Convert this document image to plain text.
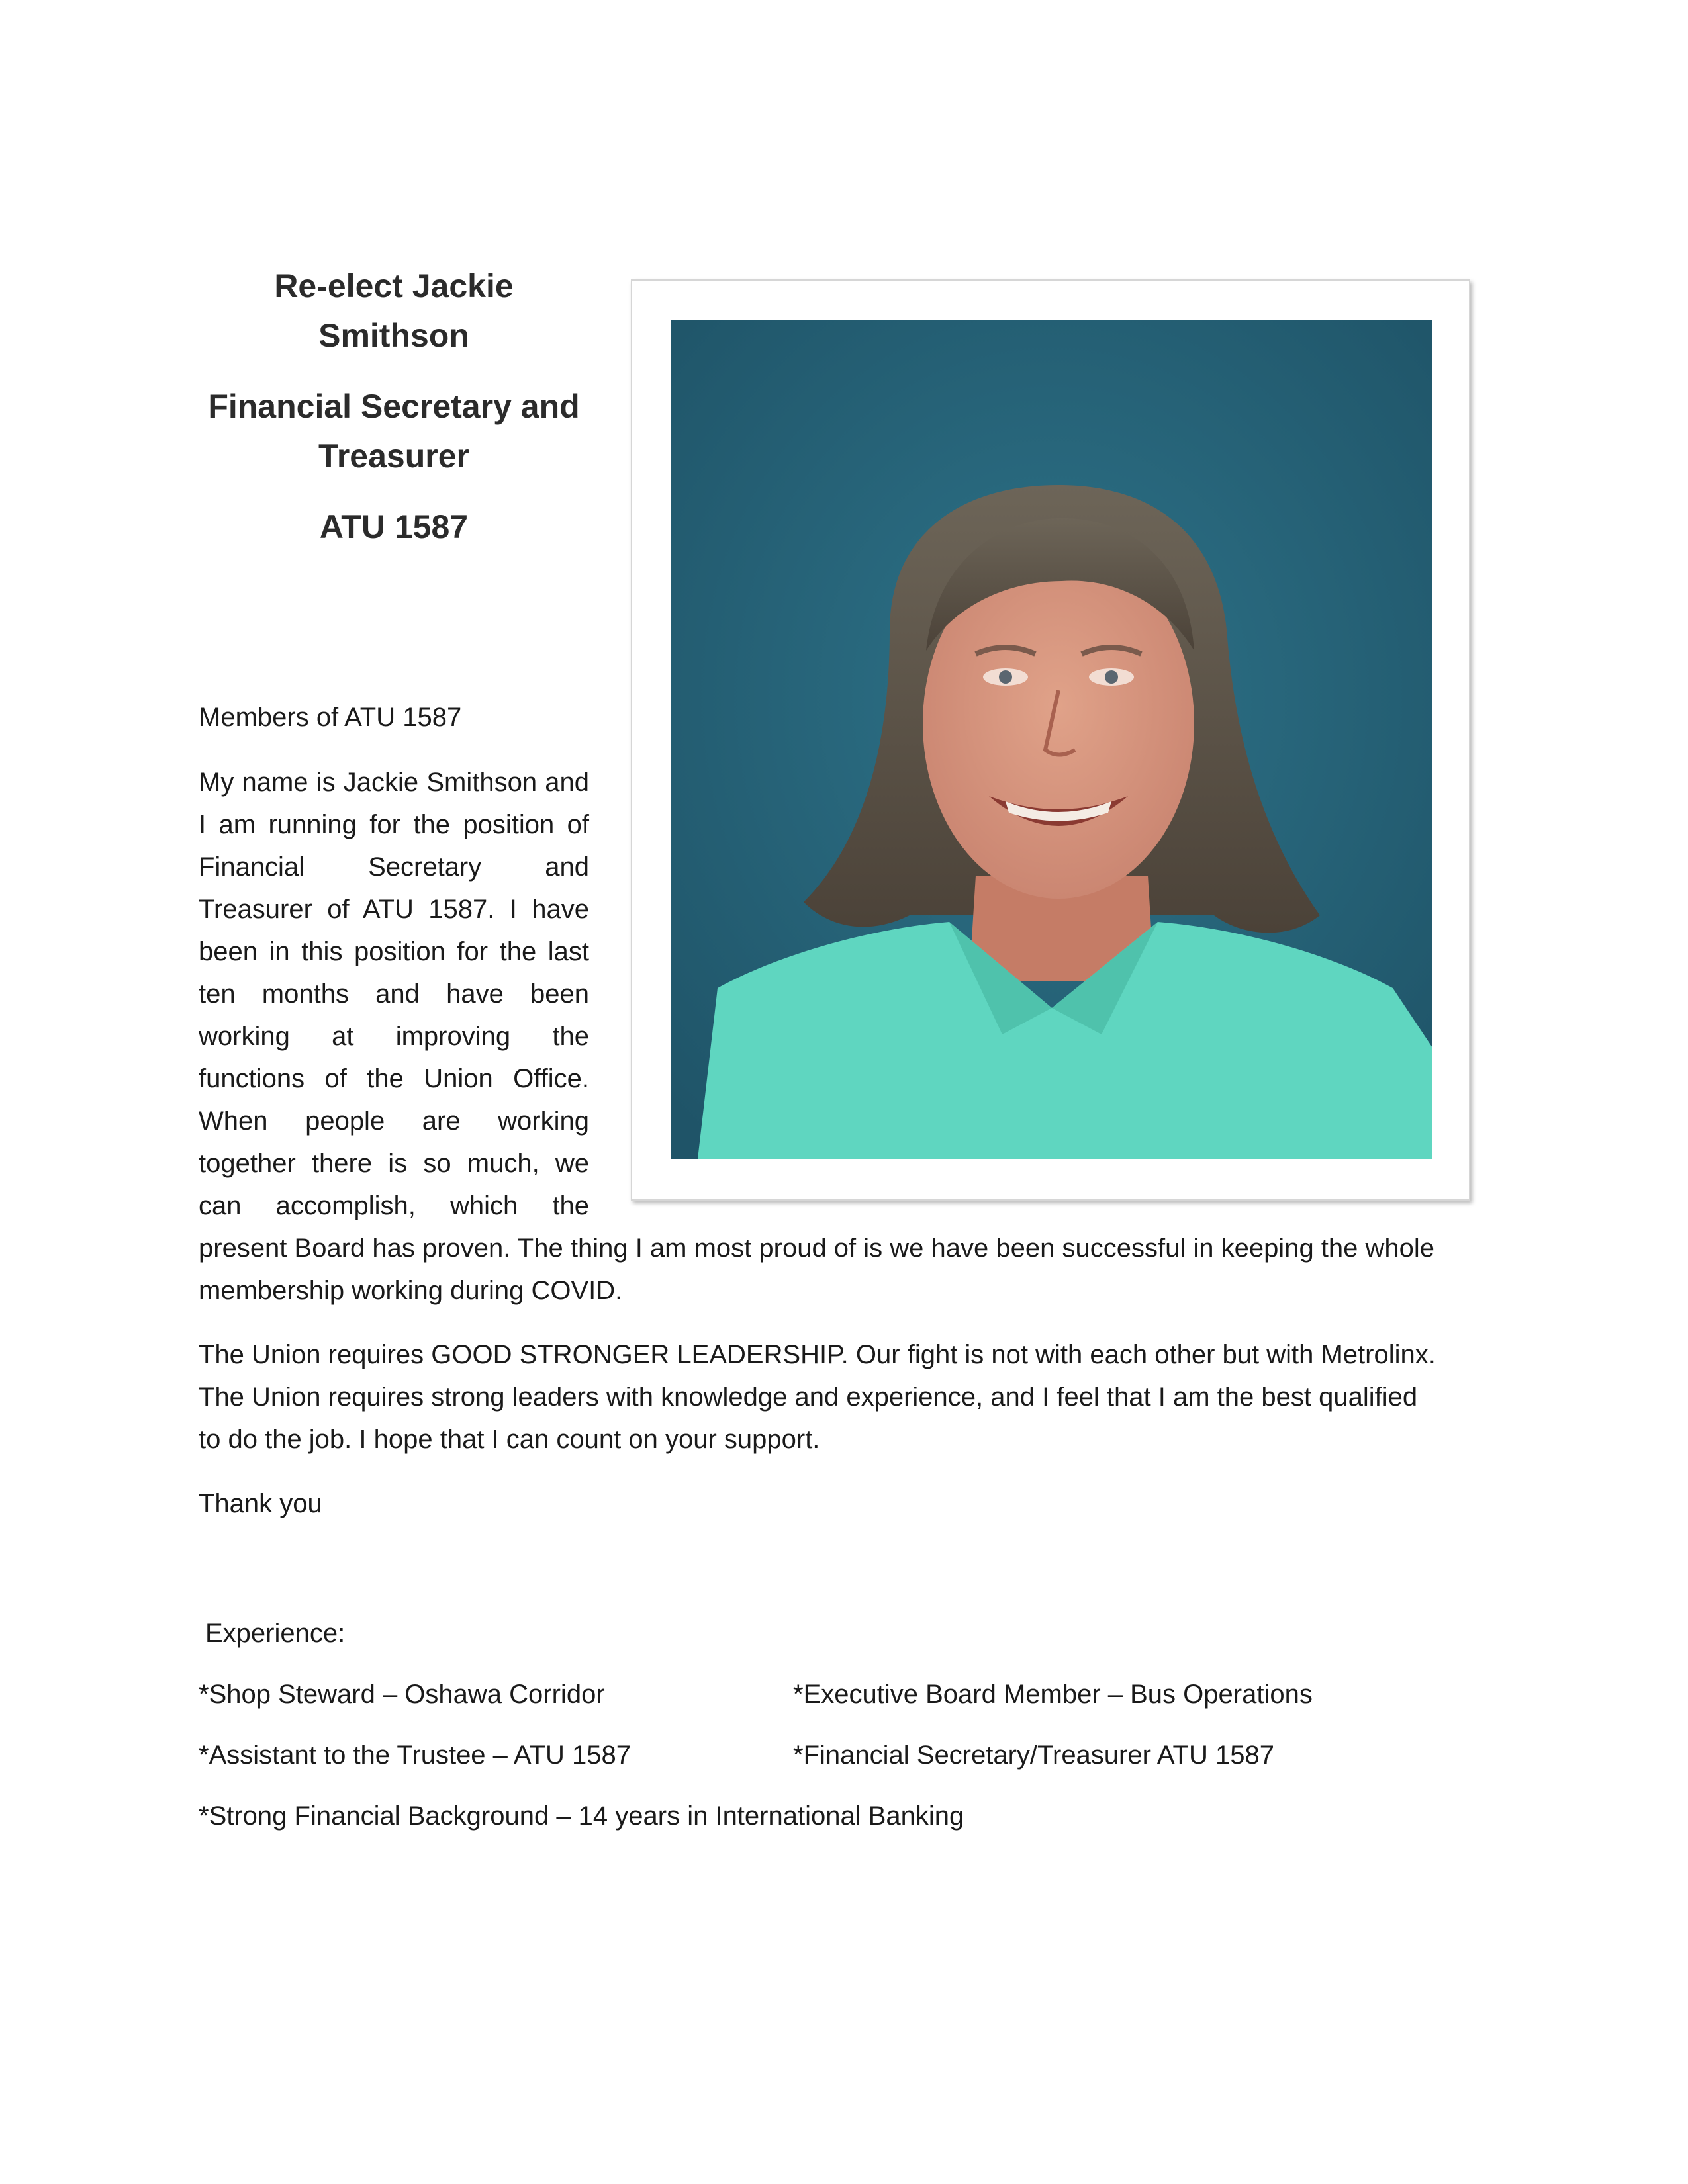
Re-elect Jackie
Smithson
Financial Secretary and
Treasurer
ATU 1587
Members of ATU 1587
My name is Jackie Smithson and
I am running for the position of
Financial Secretary and
Treasurer of ATU 1587. I have
been in this position for the last
ten months and have been
working at improving the
functions of the Union Office.
When people are working
together there is so much, we
can accomplish, which the
present Board has proven. The thing I am most proud of is we have been successful in keeping the whole
membership working during COVID.
The Union requires GOOD STRONGER LEADERSHIP. Our fight is not with each other but with Metrolinx.
The Union requires strong leaders with knowledge and experience, and I feel that I am the best qualified
to do the job. I hope that I can count on your support.
Thank you
Experience:
*Shop Steward – Oshawa Corridor	*Executive Board Member – Bus Operations
*Assistant to the Trustee – ATU 1587	*Financial Secretary/Treasurer ATU 1587
*Strong Financial Background – 14 years in International Banking
